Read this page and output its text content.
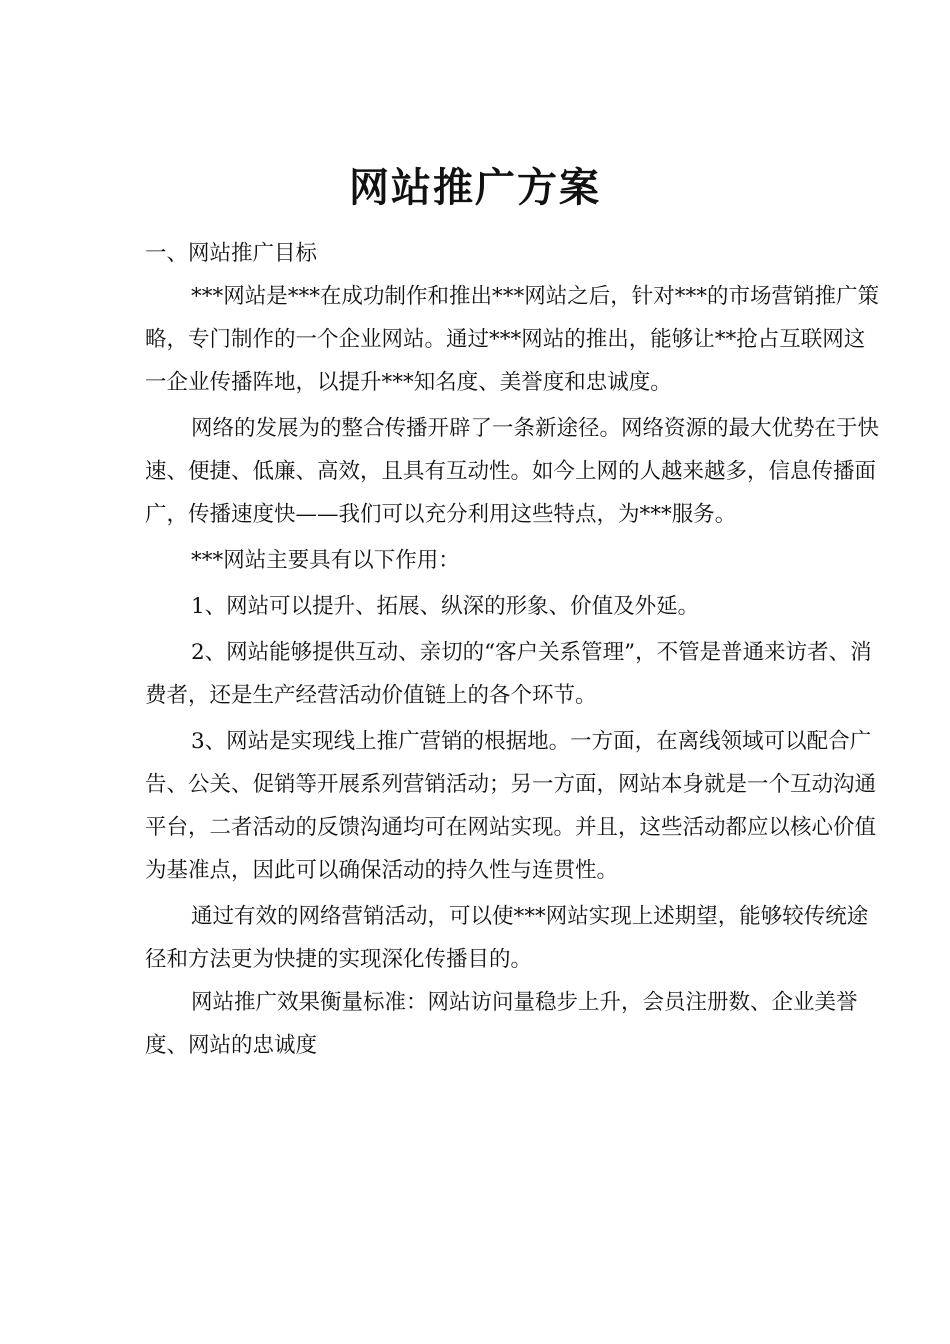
网站推广方案

一、网站推广目标

***网站是***在成功制作和推出***网站之后，针对***的市场营销推广策略，专门制作的一个企业网站。通过***网站的推出，能够让**抢占互联网这一企业传播阵地，以提升***知名度、美誉度和忠诚度。

网络的发展为的整合传播开辟了一条新途径。网络资源的最大优势在于快速、便捷、低廉、高效，且具有互动性。如今上网的人越来越多，信息传播面广，传播速度快——我们可以充分利用这些特点，为***服务。

***网站主要具有以下作用：

1、网站可以提升、拓展、纵深的形象、价值及外延。

2、网站能够提供互动、亲切的“客户关系管理”，不管是普通来访者、消费者，还是生产经营活动价值链上的各个环节。

3、网站是实现线上推广营销的根据地。一方面，在离线领域可以配合广告、公关、促销等开展系列营销活动；另一方面，网站本身就是一个互动沟通平台，二者活动的反馈沟通均可在网站实现。并且，这些活动都应以核心价值为基准点，因此可以确保活动的持久性与连贯性。

通过有效的网络营销活动，可以使***网站实现上述期望，能够较传统途径和方法更为快捷的实现深化传播目的。

网站推广效果衡量标准：网站访问量稳步上升，会员注册数、企业美誉度、网站的忠诚度
